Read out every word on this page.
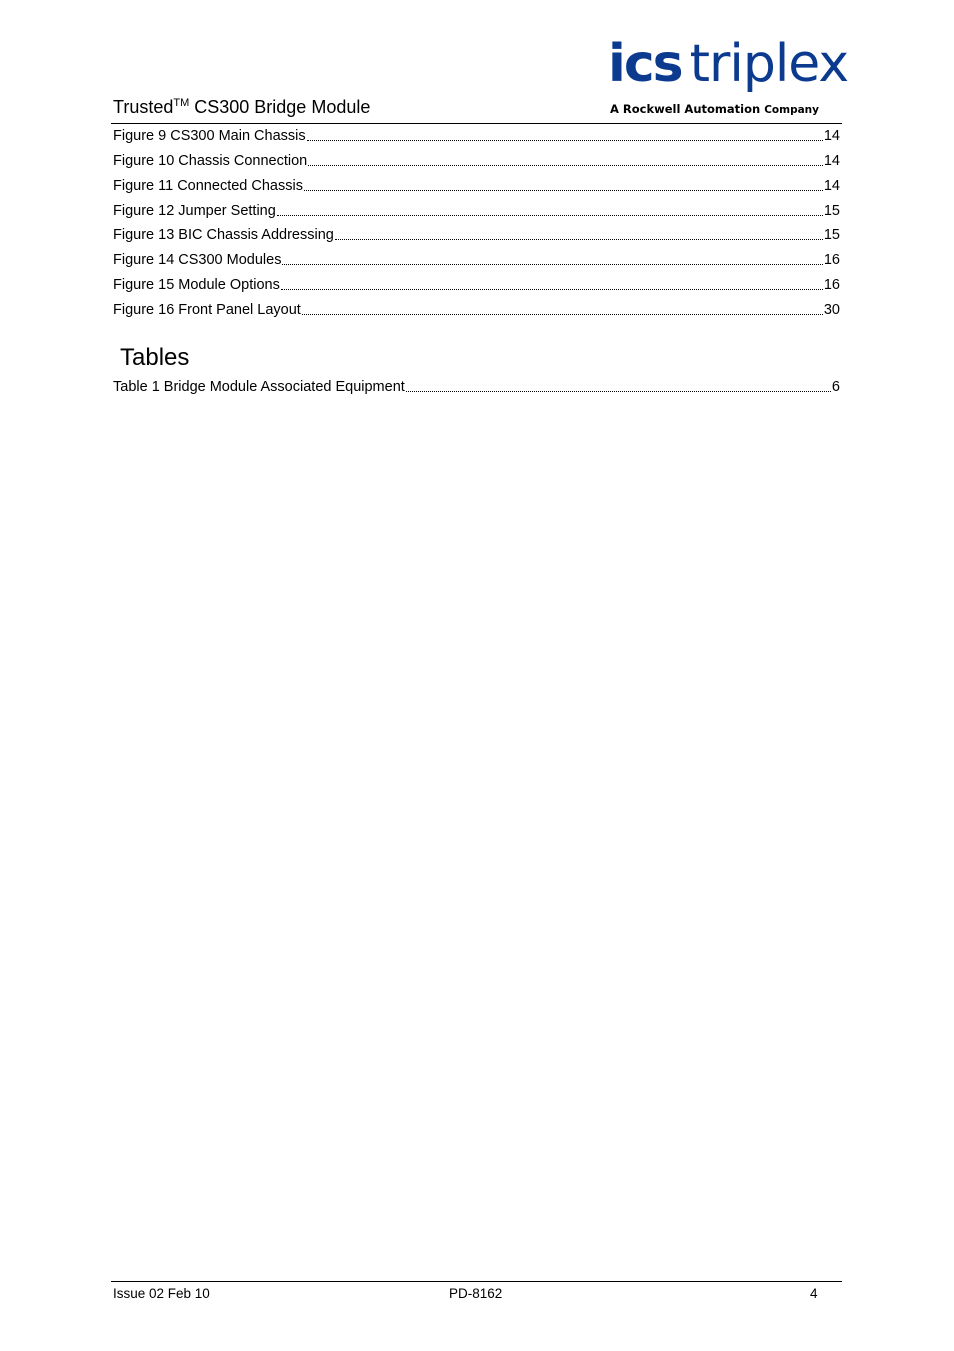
Trusted™ CS300 Bridge Module
ics triplex
A Rockwell Automation Company
Figure 9 CS300 Main Chassis	14
Figure 10 Chassis Connection	14
Figure 11 Connected Chassis	14
Figure 12 Jumper Setting	15
Figure 13 BIC Chassis Addressing	15
Figure 14 CS300 Modules	16
Figure 15 Module Options	16
Figure 16 Front Panel Layout	30
Tables
Table 1 Bridge Module Associated Equipment	6
Issue 02 Feb 10	PD-8162	4
